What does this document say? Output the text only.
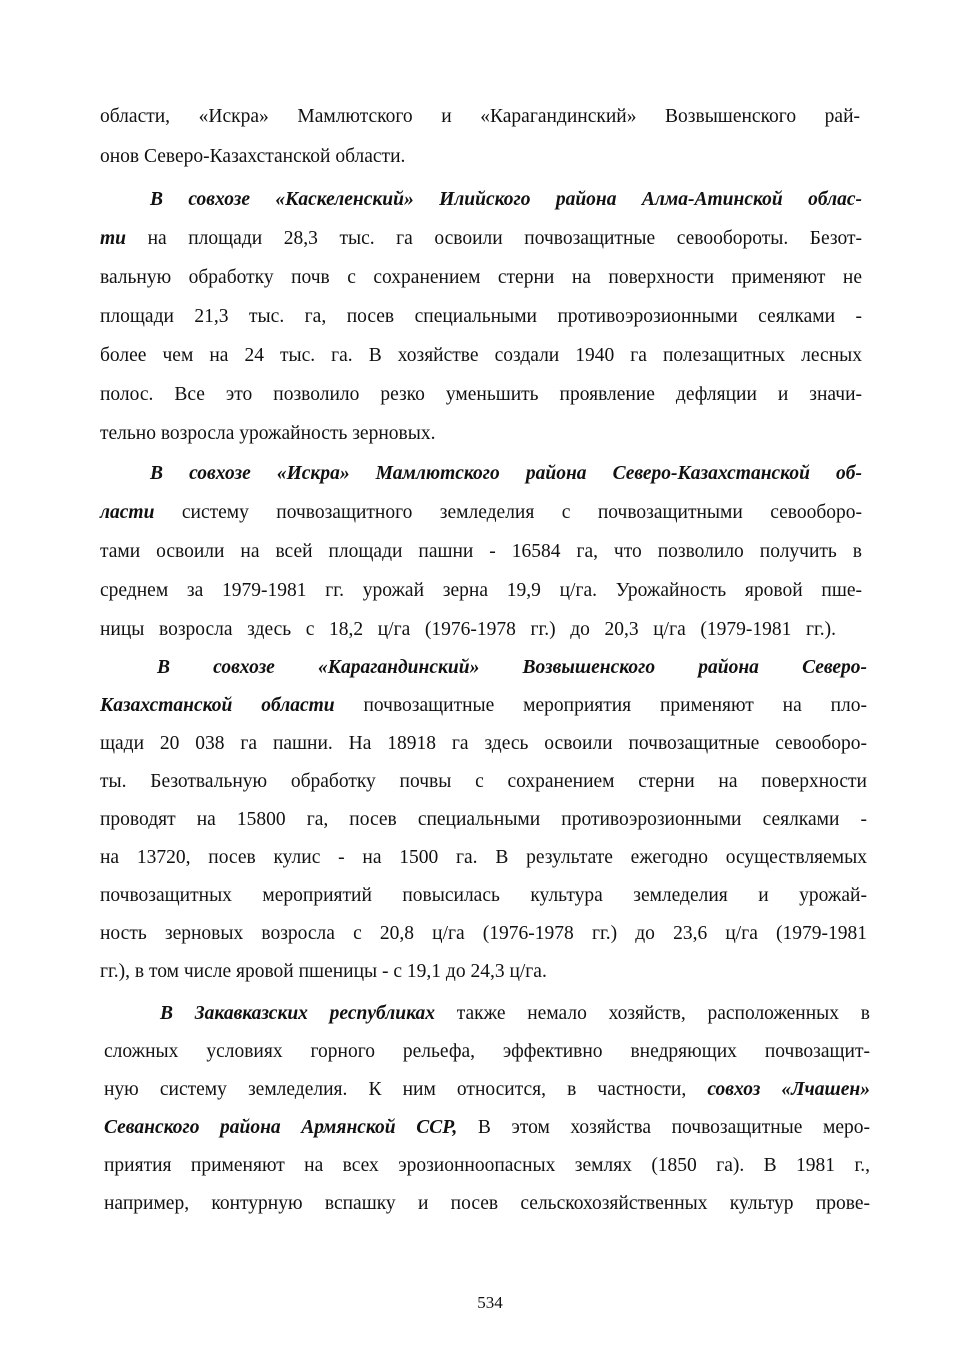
области, «Искра» Мамлютского и «Карагандинский» Возвышенского рай-
онов Северо-Казахстанской области.
В совхозе «Каскеленский» Илийского района Алма-Атинской облас-
ти на площади 28,3 тыс. га освоили почвозащитные севообороты. Безот-
вальную обработку почв с сохранением стерни на поверхности применяют не
площади 21,3 тыс. га, посев специальными противоэрозионными сеялками -
более чем на 24 тыс. га. В хозяйстве создали 1940 га полезащитных лесных
полос. Все это позволило резко уменьшить проявление дефляции и значи-
тельно возросла урожайность зерновых.
В совхозе «Искра» Мамлютского района Северо-Казахстанской об-
ласти систему почвозащитного земледелия с почвозащитными севооборо-
тами освоили на всей площади пашни - 16584 га, что позволило получить в
среднем за 1979-1981 гг. урожай зерна 19,9 ц/га. Урожайность яровой пше-
ницы возросла здесь с 18,2 ц/га (1976-1978 гг.) до 20,3 ц/га (1979-1981 гг.).
В совхозе «Карагандинский» Возвышенского района Северо-
Казахстанской области почвозащитные мероприятия применяют на пло-
щади 20 038 га пашни. На 18918 га здесь освоили почвозащитные севооборо-
ты. Безотвальную обработку почвы с сохранением стерни на поверхности
проводят на 15800 га, посев специальными противоэрозионными сеялками -
на 13720, посев кулис - на 1500 га. В результате ежегодно осуществляемых
почвозащитных мероприятий повысилась культура земледелия и урожай-
ность зерновых возросла с 20,8 ц/га (1976-1978 гг.) до 23,6 ц/га (1979-1981
гг.), в том числе яровой пшеницы - с 19,1 до 24,3 ц/га.
В Закавказских республиках также немало хозяйств, расположенных в
сложных условиях горного рельефа, эффективно внедряющих почвозащит-
ную систему земледелия. К ним относится, в частности, совхоз «Лчашен»
Севанского района Армянской ССР, В этом хозяйства почвозащитные меро-
приятия применяют на всех эрозионноопасных землях (1850 га). В 1981 г.,
например, контурную вспашку и посев сельскохозяйственных культур прове-
534
